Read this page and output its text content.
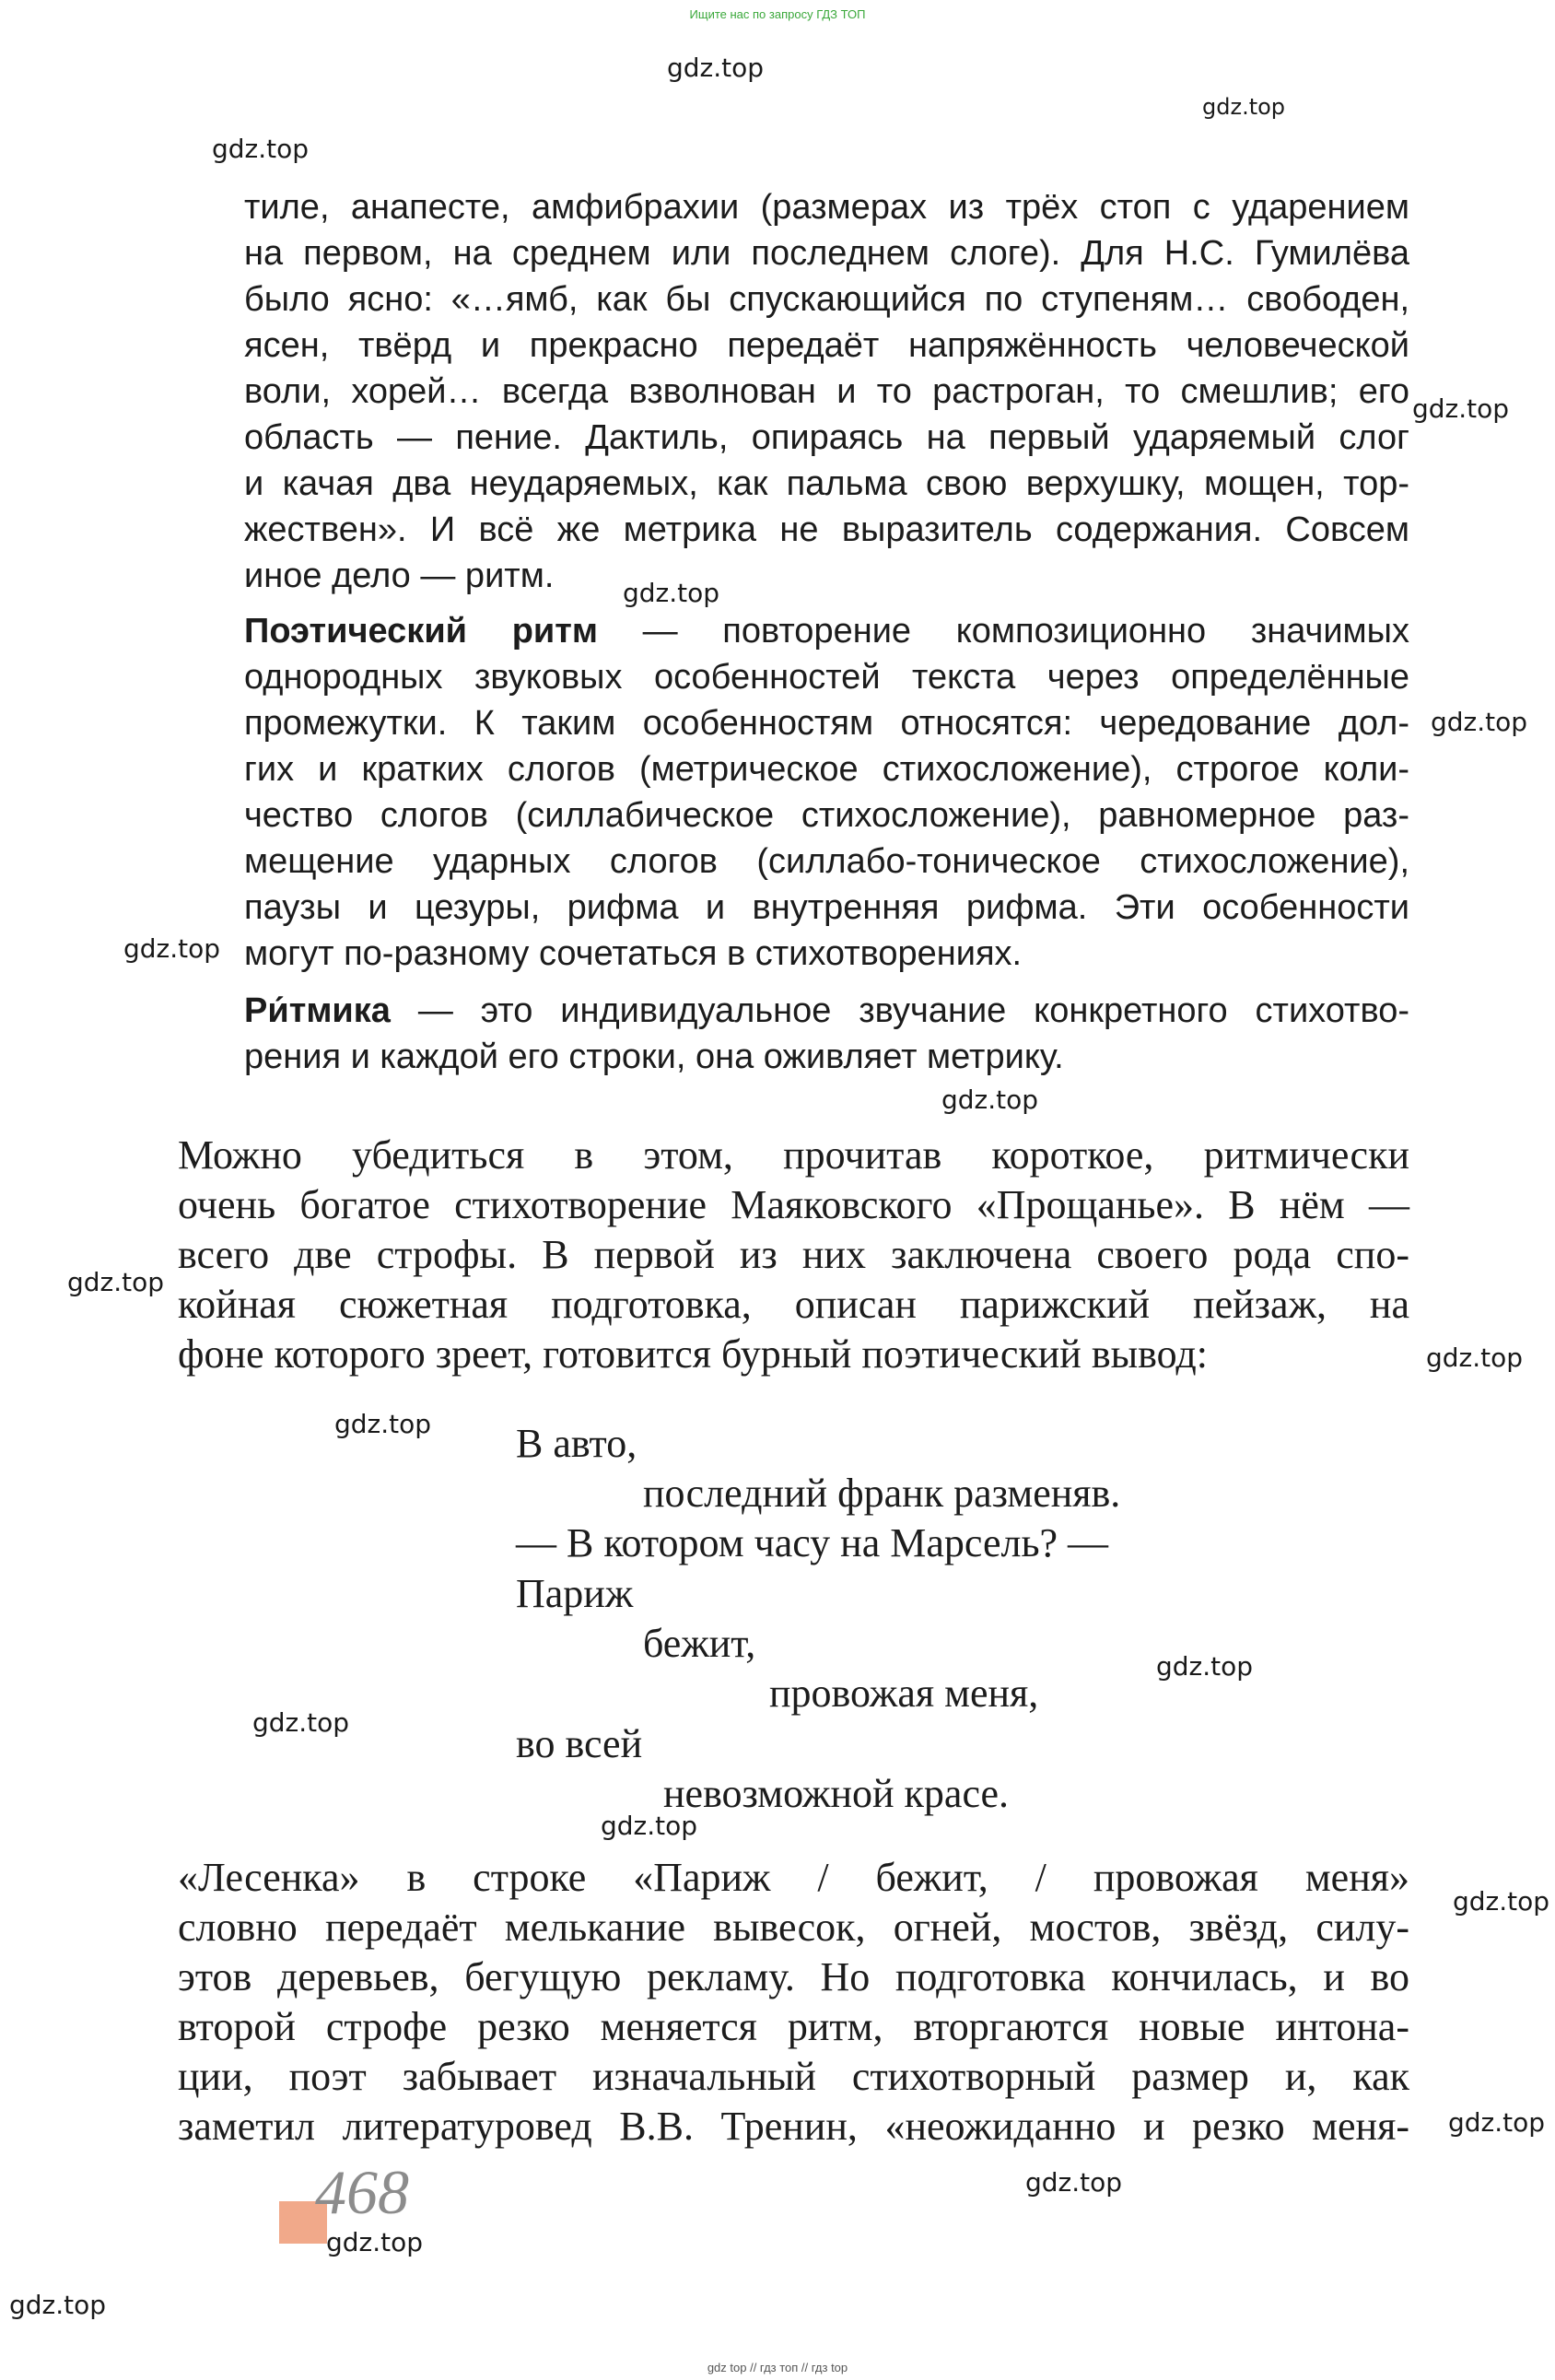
Ищите нас по запросу ГДЗ ТОП
тиле, анапесте, амфибрахии (размерах из трёх стоп с ударением
на первом, на среднем или последнем слоге). Для Н.С. Гумилёва
было ясно: «…ямб, как бы спускающийся по ступеням… свободен,
ясен, твёрд и прекрасно передаёт напряжённость человеческой
воли, хорей… всегда взволнован и то растроган, то смешлив; его
область — пение. Дактиль, опираясь на первый ударяемый слог
и качая два неударяемых, как пальма свою верхушку, мощен, тор-
жествен». И всё же метрика не выразитель содержания. Совсем
иное дело — ритм.
Поэтический ритм — повторение композиционно значимых
однородных звуковых особенностей текста через определённые
промежутки. К таким особенностям относятся: чередование дол-
гих и кратких слогов (метрическое стихосложение), строгое коли-
чество слогов (силлабическое стихосложение), равномерное раз-
мещение ударных слогов (силлабо-тоническое стихосложение),
паузы и цезуры, рифма и внутренняя рифма. Эти особенности
могут по-разному сочетаться в стихотворениях.
Ри́тмика — это индивидуальное звучание конкретного стихотво-
рения и каждой его строки, она оживляет метрику.
Можно убедиться в этом, прочитав короткое, ритмически
очень богатое стихотворение Маяковского «Прощанье». В нём —
всего две строфы. В первой из них заключена своего рода спо-
койная сюжетная подготовка, описан парижский пейзаж, на
фоне которого зреет, готовится бурный поэтический вывод:
В авто,
последний франк разменяв.
— В котором часу на Марсель? —
Париж
бежит,
провожая меня,
во всей
невозможной красе.
«Лесенка» в строке «Париж / бежит, / провожая меня»
словно передаёт мелькание вывесок, огней, мостов, звёзд, силу-
этов деревьев, бегущую рекламу. Но подготовка кончилась, и во
второй строфе резко меняется ритм, вторгаются новые интона-
ции, поэт забывает изначальный стихотворный размер и, как
заметил литературовед В.В. Тренин, «неожиданно и резко меня-
468
gdz.top
gdz.top
gdz.top
gdz.top
gdz.top
gdz.top
gdz.top
gdz.top
gdz.top
gdz.top
gdz.top
gdz.top
gdz.top
gdz.top
gdz.top
gdz.top
gdz.top
gdz.top
gdz.top
gdz top // гдз топ // гдз top
